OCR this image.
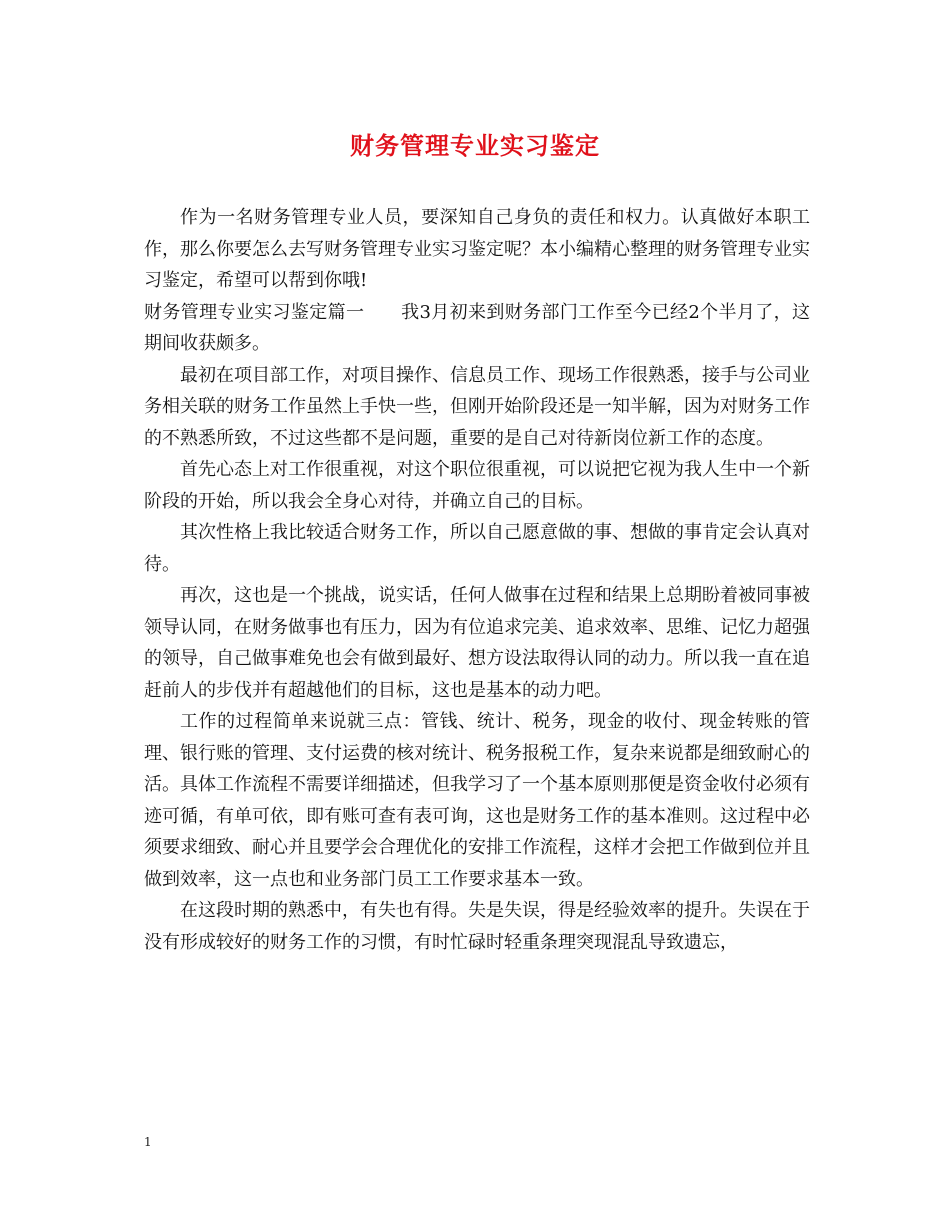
财务管理专业实习鉴定

作为一名财务管理专业人员，要深知自己身负的责任和权力。认真做好本职工作，那么你要怎么去写财务管理专业实习鉴定呢？本小编精心整理的财务管理专业实习鉴定，希望可以帮到你哦!

财务管理专业实习鉴定篇一　　我3月初来到财务部门工作至今已经2个半月了，这期间收获颇多。

最初在项目部工作，对项目操作、信息员工作、现场工作很熟悉，接手与公司业务相关联的财务工作虽然上手快一些，但刚开始阶段还是一知半解，因为对财务工作的不熟悉所致，不过这些都不是问题，重要的是自己对待新岗位新工作的态度。

首先心态上对工作很重视，对这个职位很重视，可以说把它视为我人生中一个新阶段的开始，所以我会全身心对待，并确立自己的目标。

其次性格上我比较适合财务工作，所以自己愿意做的事、想做的事肯定会认真对待。

再次，这也是一个挑战，说实话，任何人做事在过程和结果上总期盼着被同事被领导认同，在财务做事也有压力，因为有位追求完美、追求效率、思维、记忆力超强的领导，自己做事难免也会有做到最好、想方设法取得认同的动力。所以我一直在追赶前人的步伐并有超越他们的目标，这也是基本的动力吧。

工作的过程简单来说就三点：管钱、统计、税务，现金的收付、现金转账的管理、银行账的管理、支付运费的核对统计、税务报税工作，复杂来说都是细致耐心的活。具体工作流程不需要详细描述，但我学习了一个基本原则那便是资金收付必须有迹可循，有单可依，即有账可查有表可询，这也是财务工作的基本准则。这过程中必须要求细致、耐心并且要学会合理优化的安排工作流程，这样才会把工作做到位并且做到效率，这一点也和业务部门员工工作要求基本一致。

在这段时期的熟悉中，有失也有得。失是失误，得是经验效率的提升。失误在于没有形成较好的财务工作的习惯，有时忙碌时轻重条理突现混乱导致遗忘，

1
